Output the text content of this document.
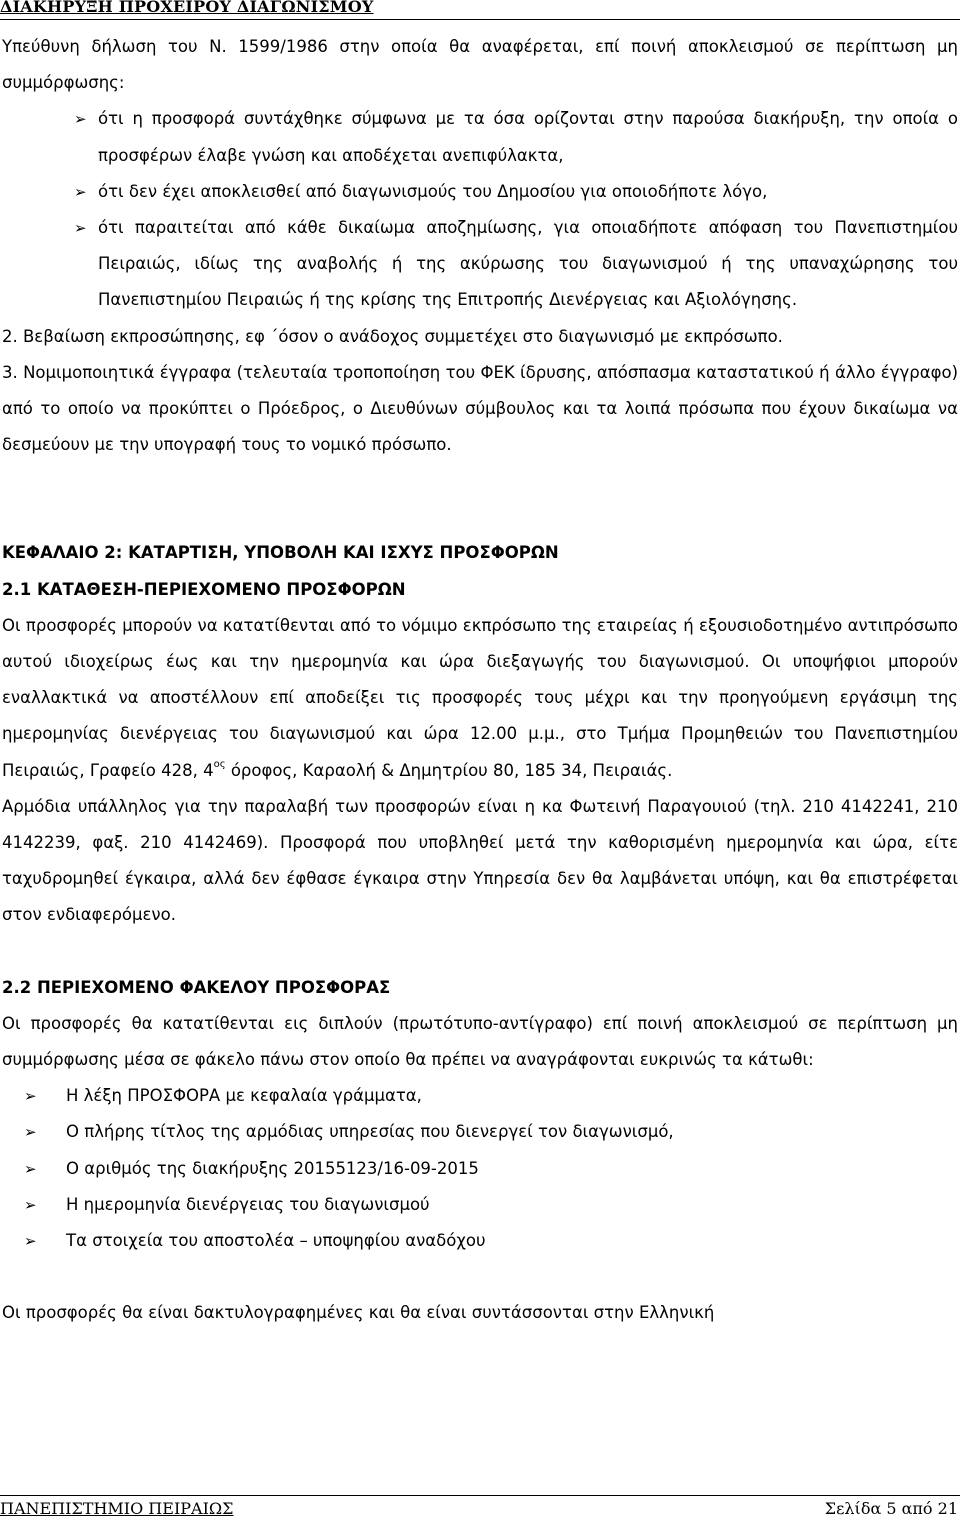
ΔΙΑΚΗΡΥΞΗ ΠΡΟΧΕΙΡΟΥ ΔΙΑΓΩΝΙΣΜΟΥ

Υπεύθυνη δήλωση του Ν. 1599/1986 στην οποία θα αναφέρεται, επί ποινή αποκλεισμού σε περίπτωση μη συμμόρφωσης:

➢ ότι η προσφορά συντάχθηκε σύμφωνα με τα όσα ορίζονται στην παρούσα διακήρυξη, την οποία ο προσφέρων έλαβε γνώση και αποδέχεται ανεπιφύλακτα,

➢ ότι δεν έχει αποκλεισθεί από διαγωνισμούς του Δημοσίου για οποιοδήποτε λόγο,

➢ ότι παραιτείται από κάθε δικαίωμα αποζημίωσης, για οποιαδήποτε απόφαση του Πανεπιστημίου Πειραιώς, ιδίως της αναβολής ή της ακύρωσης του διαγωνισμού ή της υπαναχώρησης του Πανεπιστημίου Πειραιώς ή της κρίσης της Επιτροπής Διενέργειας και Αξιολόγησης.

2. Βεβαίωση εκπροσώπησης, εφ ΄όσον ο ανάδοχος συμμετέχει στο διαγωνισμό με εκπρόσωπο.

3. Νομιμοποιητικά έγγραφα (τελευταία τροποποίηση του ΦΕΚ ίδρυσης, απόσπασμα καταστατικού ή άλλο έγγραφο) από το οποίο να προκύπτει ο Πρόεδρος, ο Διευθύνων σύμβουλος και τα λοιπά πρόσωπα που έχουν δικαίωμα να δεσμεύουν με την υπογραφή τους το νομικό πρόσωπο.

ΚΕΦΑΛΑΙΟ 2: ΚΑΤΑΡΤΙΣΗ, ΥΠΟΒΟΛΗ ΚΑΙ ΙΣΧΥΣ ΠΡΟΣΦΟΡΩΝ

2.1 ΚΑΤΑΘΕΣΗ-ΠΕΡΙΕΧΟΜΕΝΟ ΠΡΟΣΦΟΡΩΝ

Οι προσφορές μπορούν να κατατίθενται από το νόμιμο εκπρόσωπο της εταιρείας ή εξουσιοδοτημένο αντιπρόσωπο αυτού ιδιοχείρως έως και την ημερομηνία και ώρα διεξαγωγής του διαγωνισμού. Οι υποψήφιοι μπορούν εναλλακτικά να αποστέλλουν επί αποδείξει τις προσφορές τους μέχρι και την προηγούμενη εργάσιμη της ημερομηνίας διενέργειας του διαγωνισμού και ώρα 12.00 μ.μ., στο Τμήμα Προμηθειών του Πανεπιστημίου Πειραιώς, Γραφείο 428, $4^{o\varsigma}$ όροφος, Καραολή & Δημητρίου 80, 185 34, Πειραιάς.

Αρμόδια υπάλληλος για την παραλαβή των προσφορών είναι η κα Φωτεινή Παραγουιού (τηλ. 210 4142241, 210 4142239, φαξ. 210 4142469). Προσφορά που υποβληθεί μετά την καθορισμένη ημερομηνία και ώρα, είτε ταχυδρομηθεί έγκαιρα, αλλά δεν έφθασε έγκαιρα στην Υπηρεσία δεν θα λαμβάνεται υπόψη, και θα επιστρέφεται στον ενδιαφερόμενο.

2.2 ΠΕΡΙΕΧΟΜΕΝΟ ΦΑΚΕΛΟΥ ΠΡΟΣΦΟΡΑΣ

Οι προσφορές θα κατατίθενται εις διπλούν (πρωτότυπο-αντίγραφο) επί ποινή αποκλεισμού σε περίπτωση μη συμμόρφωσης μέσα σε φάκελο πάνω στον οποίο θα πρέπει να αναγράφονται ευκρινώς τα κάτωθι:

➢ Η λέξη ΠΡΟΣΦΟΡΑ με κεφαλαία γράμματα,

➢ Ο πλήρης τίτλος της αρμόδιας υπηρεσίας που διενεργεί τον διαγωνισμό,

➢ Ο αριθμός της διακήρυξης 20155123/16-09-2015

➢ Η ημερομηνία διενέργειας του διαγωνισμού

➢ Τα στοιχεία του αποστολέα – υποψηφίου αναδόχου

Οι προσφορές θα είναι δακτυλογραφημένες και θα είναι συντάσσονται στην Ελληνική

ΠΑΝΕΠΙΣΤΗΜΙΟ ΠΕΙΡΑΙΩΣ	Σελίδα 5 από 21
